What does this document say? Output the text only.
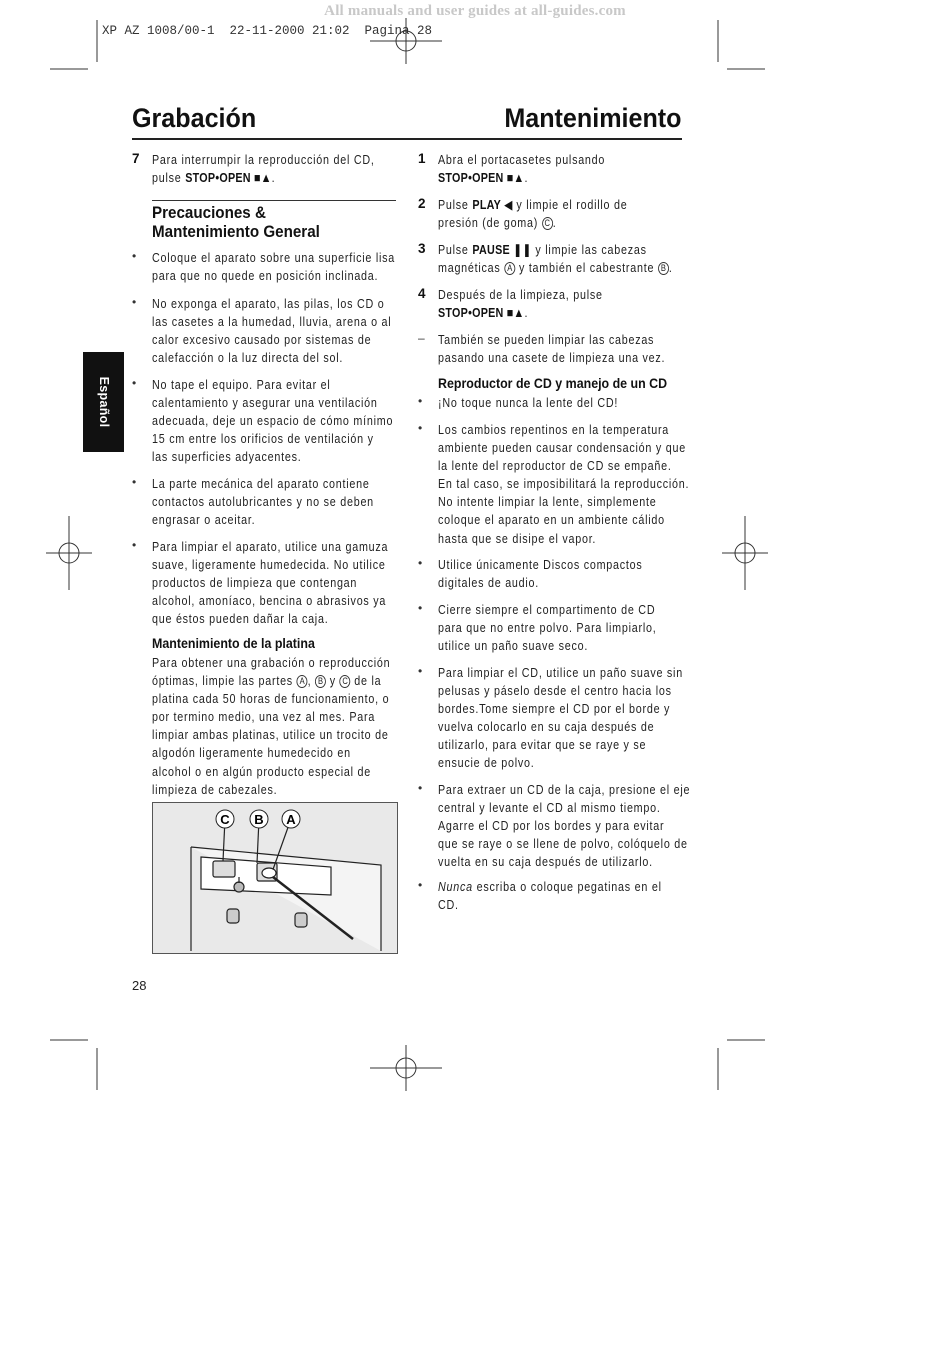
All manuals and user guides at all-guides.com
XP AZ 1008/00-1  22-11-2000 21:02  Pagina 28
Grabación	Mantenimiento
Español
7 Para interrumpir la reproducción del CD,
pulse STOP•OPEN ■▲.
Precauciones &
Mantenimiento General
• Coloque el aparato sobre una superficie lisa
para que no quede en posición inclinada.
• No exponga el aparato, las pilas, los CD o
las casetes a la humedad, lluvia, arena o al
calor excesivo causado por sistemas de
calefacción o la luz directa del sol.
• No tape el equipo. Para evitar el
calentamiento y asegurar una ventilación
adecuada, deje un espacio de cómo mínimo
15 cm entre los orificios de ventilación y
las superficies adyacentes.
• La parte mecánica del aparato contiene
contactos autolubricantes y no se deben
engrasar o aceitar.
• Para limpiar el aparato, utilice una gamuza
suave, ligeramente humedecida. No utilice
productos de limpieza que contengan
alcohol, amoníaco, bencina o abrasivos ya
que éstos pueden dañar la caja.
Mantenimiento de la platina
Para obtener una grabación o reproducción
óptimas, limpie las partes A , B y C de la
platina cada 50 horas de funcionamiento, o
por termino medio, una vez al mes. Para
limpiar ambas platinas, utilice un trocito de
algodón ligeramente humedecido en
alcohol o en algún producto especial de
limpieza de cabezales.
C B A
28
1 Abra el portacasetes pulsando
STOP•OPEN ■▲.
2 Pulse PLAY ◀ y limpie el rodillo de
presión (de goma) C .
3 Pulse PAUSE ❚❚ y limpie las cabezas
magnéticas A y también el cabestrante B .
4 Después de la limpieza, pulse
STOP•OPEN ■▲.
– También se pueden limpiar las cabezas
pasando una casete de limpieza una vez.
Reproductor de CD y manejo de un CD
• ¡No toque nunca la lente del CD!
• Los cambios repentinos en la temperatura
ambiente pueden causar condensación y que
la lente del reproductor de CD se empañe.
En tal caso, se imposibilitará la reproducción.
No intente limpiar la lente, simplemente
coloque el aparato en un ambiente cálido
hasta que se disipe el vapor.
• Utilice únicamente Discos compactos
digitales de audio.
• Cierre siempre el compartimento de CD
para que no entre polvo. Para limpiarlo,
utilice un paño suave seco.
• Para limpiar el CD, utilice un paño suave sin
pelusas y páselo desde el centro hacia los
bordes.Tome siempre el CD por el borde y
vuelva colocarlo en su caja después de
utilizarlo, para evitar que se raye y se
ensucie de polvo.
• Para extraer un CD de la caja, presione el eje
central y levante el CD al mismo tiempo.
Agarre el CD por los bordes y para evitar
que se raye o se llene de polvo, colóquelo de
vuelta en su caja después de utilizarlo.
• Nunca escriba o coloque pegatinas en el
CD.
